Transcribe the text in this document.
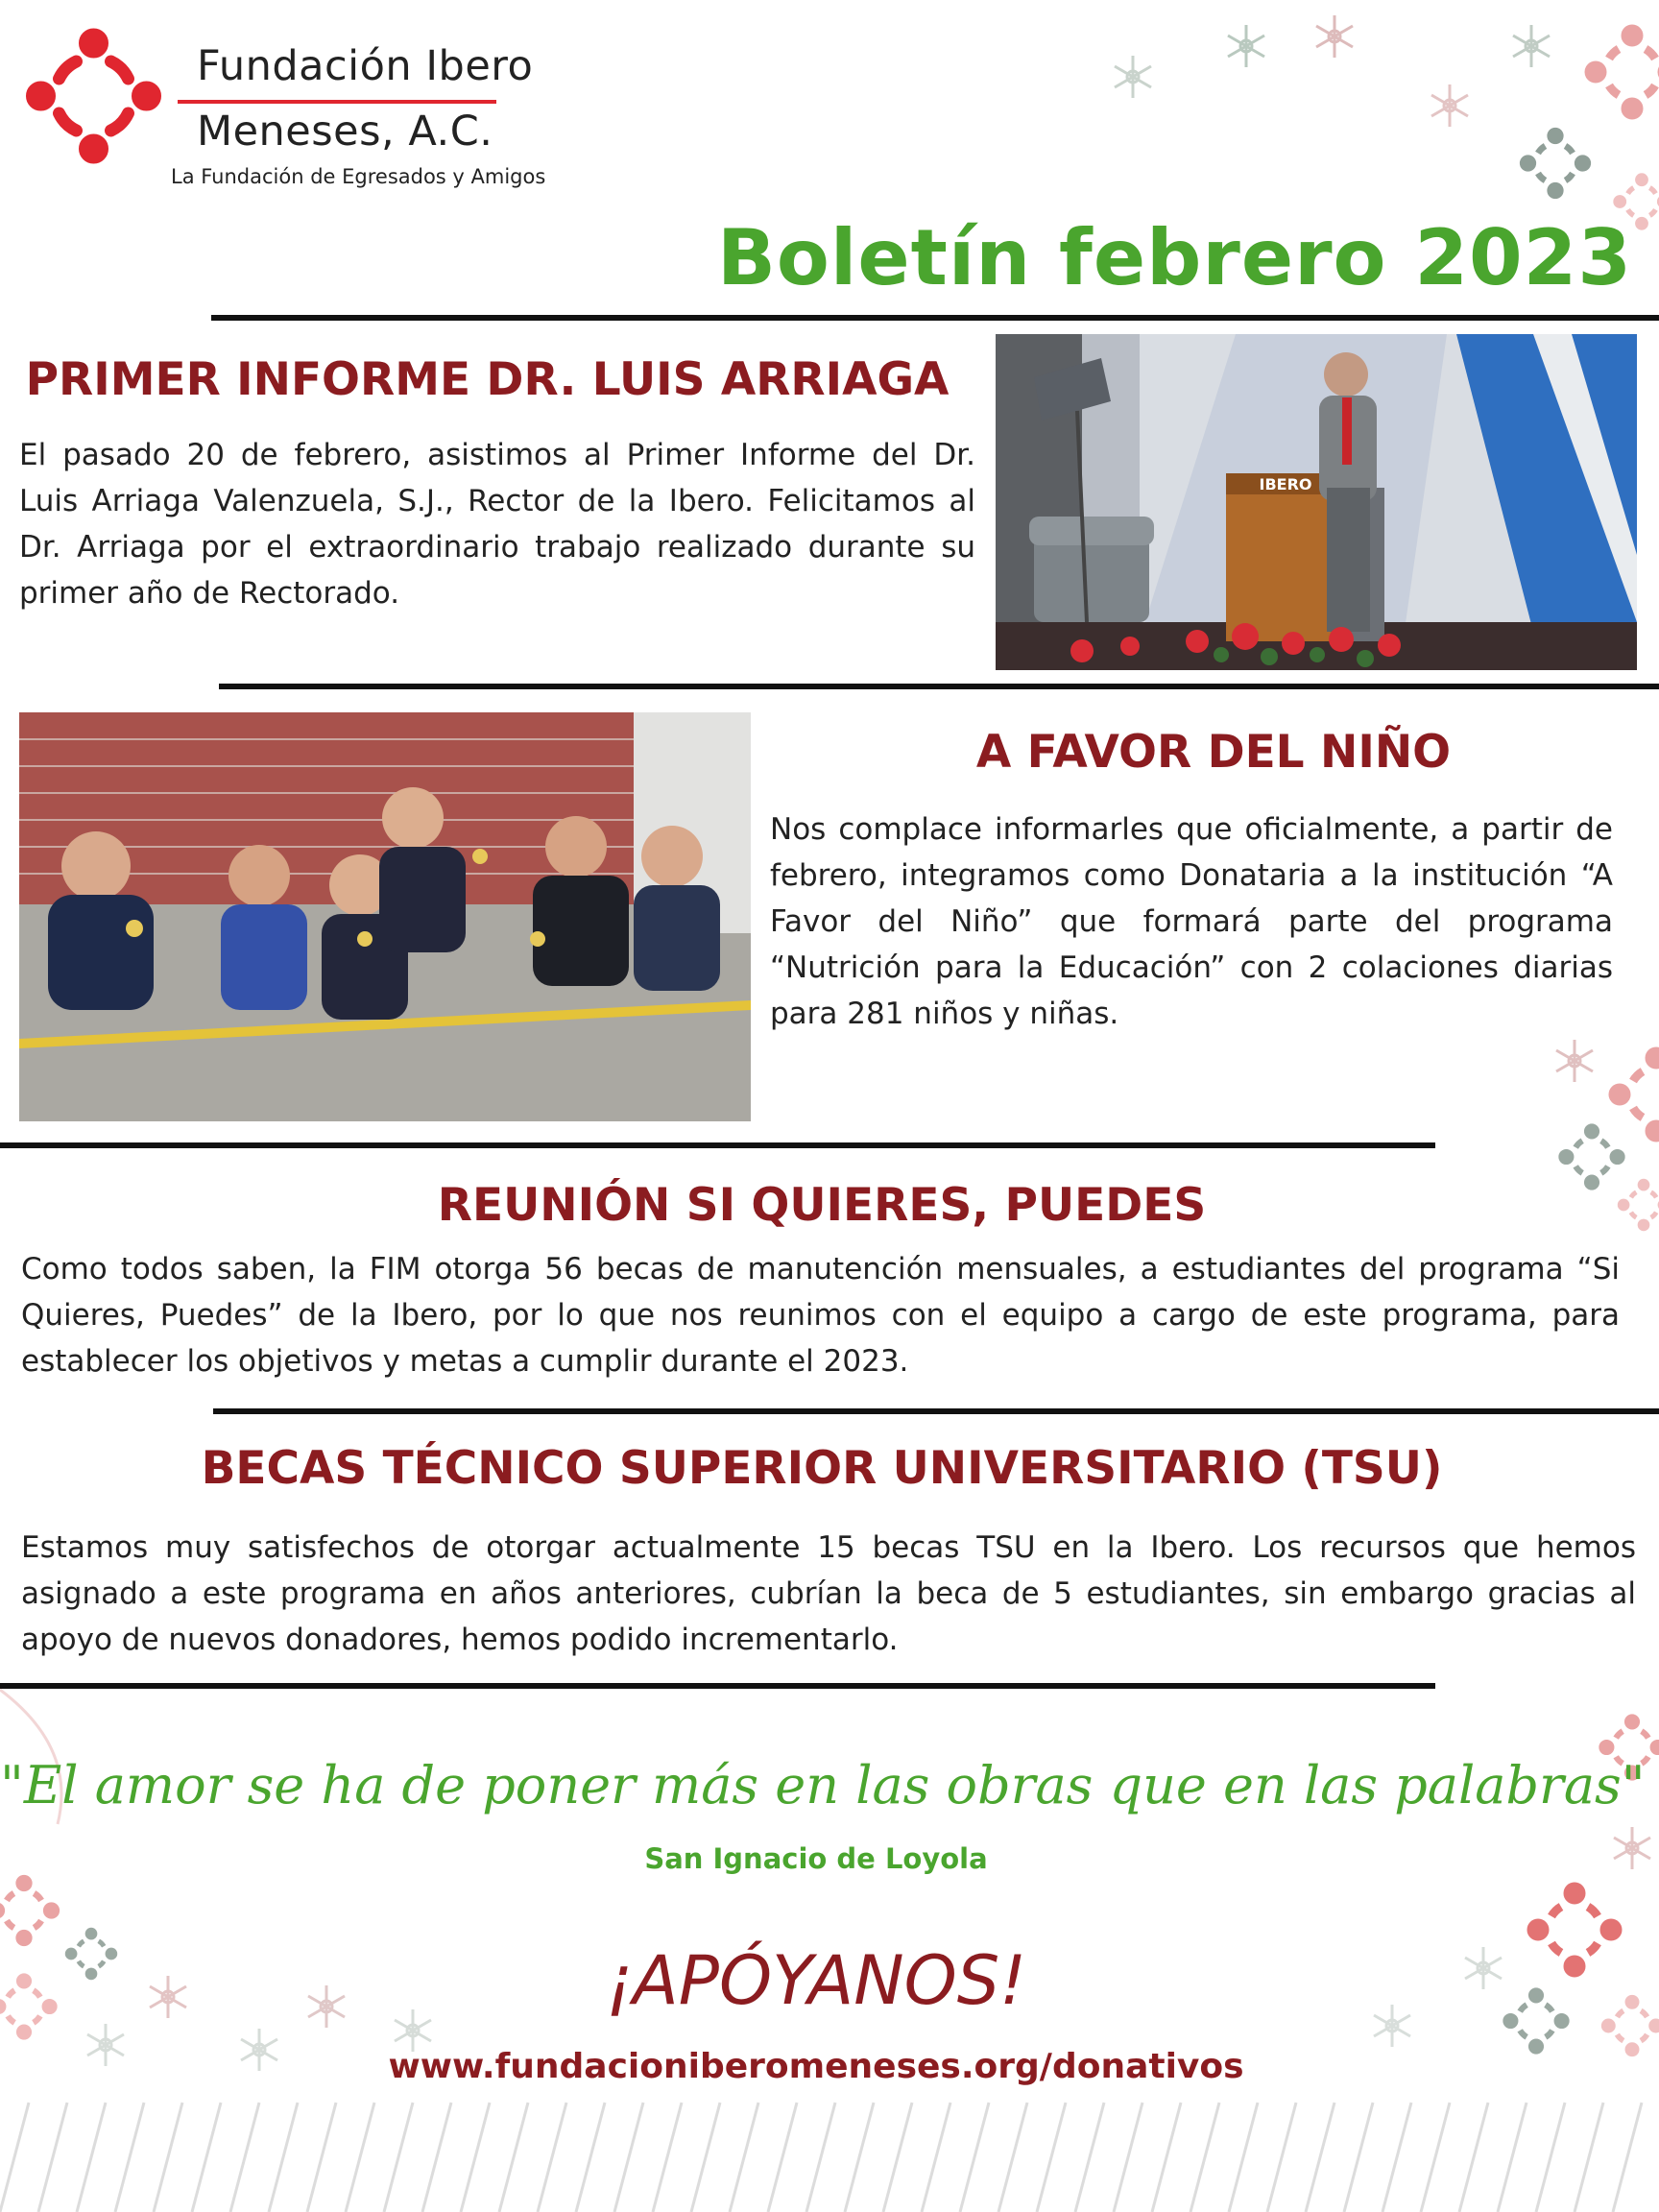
Fundación Ibero
Meneses, A.C.
La Fundación de Egresados y Amigos
Boletín febrero 2023
PRIMER INFORME DR. LUIS ARRIAGA
El pasado 20 de febrero, asistimos al Primer Informe del Dr. Luis Arriaga Valenzuela, S.J., Rector de la Ibero. Felicitamos al Dr. Arriaga por el extraordinario trabajo realizado durante su primer año de Rectorado.
IBERO
A FAVOR DEL NIÑO
Nos complace informarles que oficialmente, a partir de febrero, integramos como Donataria a la institución “A Favor del Niño” que formará parte del programa “Nutrición para la Educación” con 2 colaciones diarias para 281 niños y niñas.
REUNIÓN SI QUIERES, PUEDES
Como todos saben, la FIM otorga 56 becas de manutención mensuales, a estudiantes del programa “Si Quieres, Puedes” de la Ibero, por lo que nos reunimos con el equipo a cargo de este programa, para establecer los objetivos y metas a cumplir durante el 2023.
BECAS TÉCNICO SUPERIOR UNIVERSITARIO (TSU)
Estamos muy satisfechos de otorgar actualmente 15 becas TSU en la Ibero. Los recursos que hemos asignado a este programa en años anteriores, cubrían la beca de 5 estudiantes, sin embargo gracias al apoyo de nuevos donadores, hemos podido incrementarlo.
"El amor se ha de poner más en las obras que en las palabras"
San Ignacio de Loyola
¡APÓYANOS!
www.fundacioniberomeneses.org/donativos
